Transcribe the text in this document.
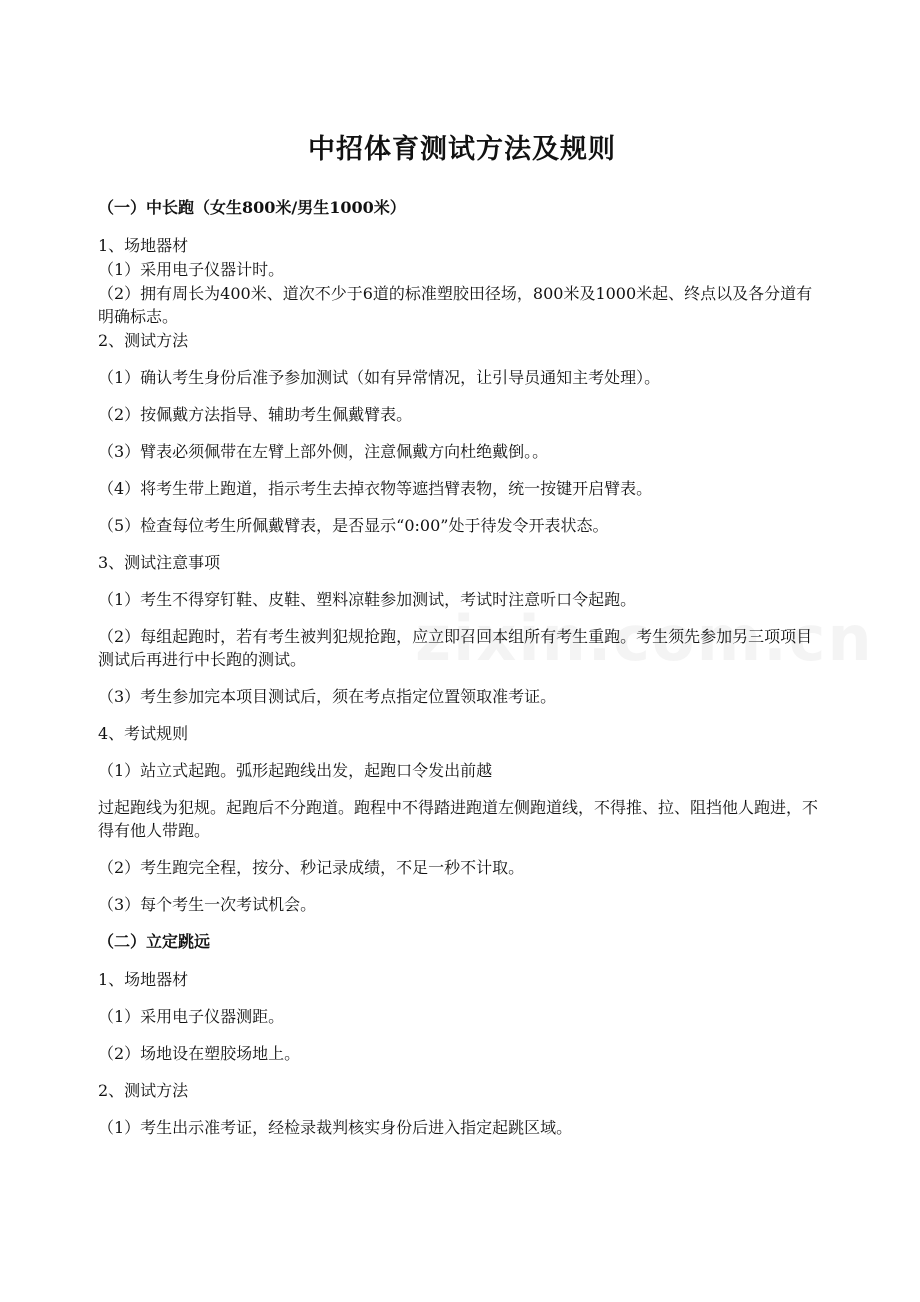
中招体育测试方法及规则
（一）中长跑（女生800米/男生1000米）
1、场地器材
（1）采用电子仪器计时。
（2）拥有周长为400米、道次不少于6道的标准塑胶田径场，800米及1000米起、终点以及各分道有明确标志。
2、测试方法
（1）确认考生身份后准予参加测试（如有异常情况，让引导员通知主考处理）。
（2）按佩戴方法指导、辅助考生佩戴臂表。
（3）臂表必须佩带在左臂上部外侧，注意佩戴方向杜绝戴倒。。
（4）将考生带上跑道，指示考生去掉衣物等遮挡臂表物，统一按键开启臂表。
（5）检查每位考生所佩戴臂表，是否显示“0:00”处于待发令开表状态。
3、测试注意事项
（1）考生不得穿钉鞋、皮鞋、塑料凉鞋参加测试，考试时注意听口令起跑。
（2）每组起跑时，若有考生被判犯规抢跑，应立即召回本组所有考生重跑。考生须先参加另三项项目测试后再进行中长跑的测试。
（3）考生参加完本项目测试后，须在考点指定位置领取准考证。
4、考试规则
（1）站立式起跑。弧形起跑线出发，起跑口令发出前越
过起跑线为犯规。起跑后不分跑道。跑程中不得踏进跑道左侧跑道线，不得推、拉、阻挡他人跑进，不得有他人带跑。
（2）考生跑完全程，按分、秒记录成绩，不足一秒不计取。
（3）每个考生一次考试机会。
（二）立定跳远
1、场地器材
（1）采用电子仪器测距。
（2）场地设在塑胶场地上。
2、测试方法
（1）考生出示准考证，经检录裁判核实身份后进入指定起跳区域。
